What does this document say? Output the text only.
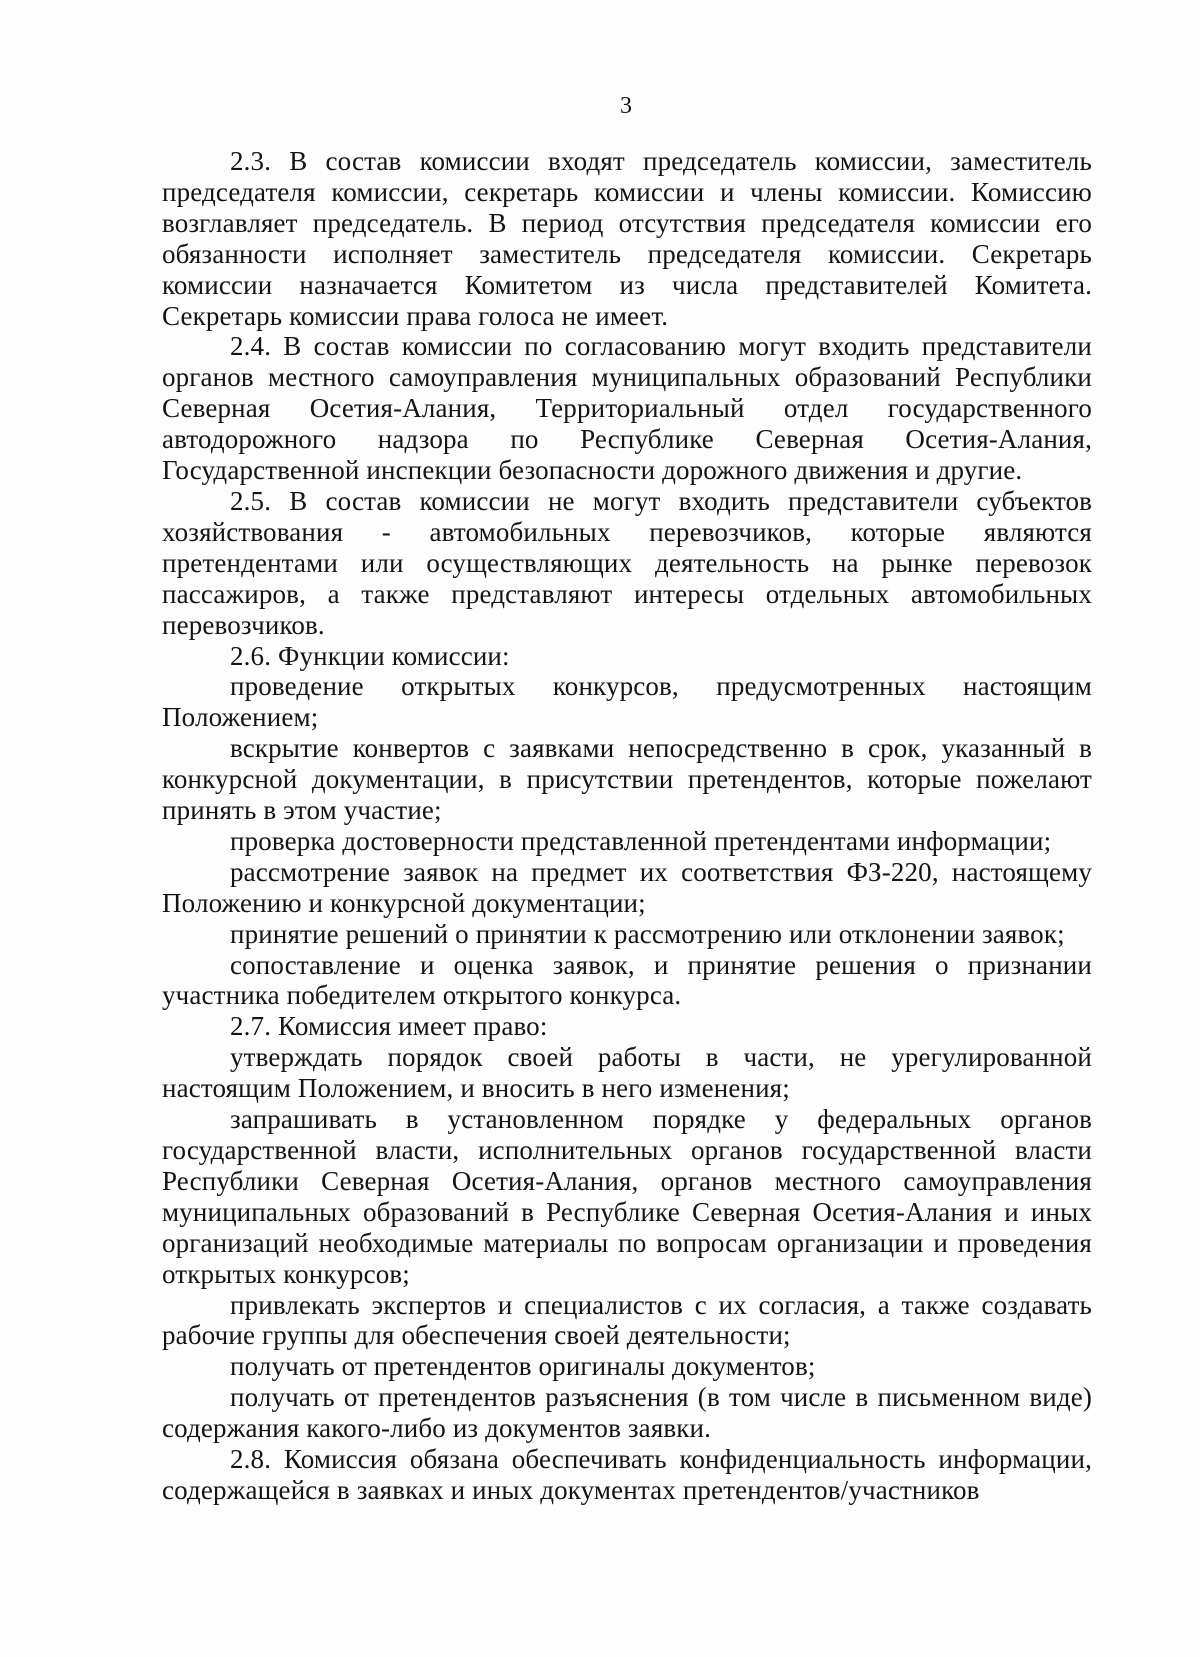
3

2.3. В состав комиссии входят председатель комиссии, заместитель председателя комиссии, секретарь комиссии и члены комиссии. Комиссию возглавляет председатель. В период отсутствия председателя комиссии его обязанности исполняет заместитель председателя комиссии. Секретарь комиссии назначается Комитетом из числа представителей Комитета. Секретарь комиссии права голоса не имеет.

2.4. В состав комиссии по согласованию могут входить представители органов местного самоуправления муниципальных образований Республики Северная Осетия-Алания, Территориальный отдел государственного автодорожного надзора по Республике Северная Осетия-Алания, Государственной инспекции безопасности дорожного движения и другие.

2.5. В состав комиссии не могут входить представители субъектов хозяйствования - автомобильных перевозчиков, которые являются претендентами или осуществляющих деятельность на рынке перевозок пассажиров, а также представляют интересы отдельных автомобильных перевозчиков.

2.6. Функции комиссии:

проведение открытых конкурсов, предусмотренных настоящим Положением;

вскрытие конвертов с заявками непосредственно в срок, указанный в конкурсной документации, в присутствии претендентов, которые пожелают принять в этом участие;

проверка достоверности представленной претендентами информации;

рассмотрение заявок на предмет их соответствия ФЗ-220, настоящему Положению и конкурсной документации;

принятие решений о принятии к рассмотрению или отклонении заявок;

сопоставление и оценка заявок, и принятие решения о признании участника победителем открытого конкурса.

2.7. Комиссия имеет право:

утверждать порядок своей работы в части, не урегулированной настоящим Положением, и вносить в него изменения;

запрашивать в установленном порядке у федеральных органов государственной власти, исполнительных органов государственной власти Республики Северная Осетия-Алания, органов местного самоуправления муниципальных образований в Республике Северная Осетия-Алания и иных организаций необходимые материалы по вопросам организации и проведения открытых конкурсов;

привлекать экспертов и специалистов с их согласия, а также создавать рабочие группы для обеспечения своей деятельности;

получать от претендентов оригиналы документов;

получать от претендентов разъяснения (в том числе в письменном виде) содержания какого-либо из документов заявки.

2.8. Комиссия обязана обеспечивать конфиденциальность информации, содержащейся в заявках и иных документах претендентов/участников
